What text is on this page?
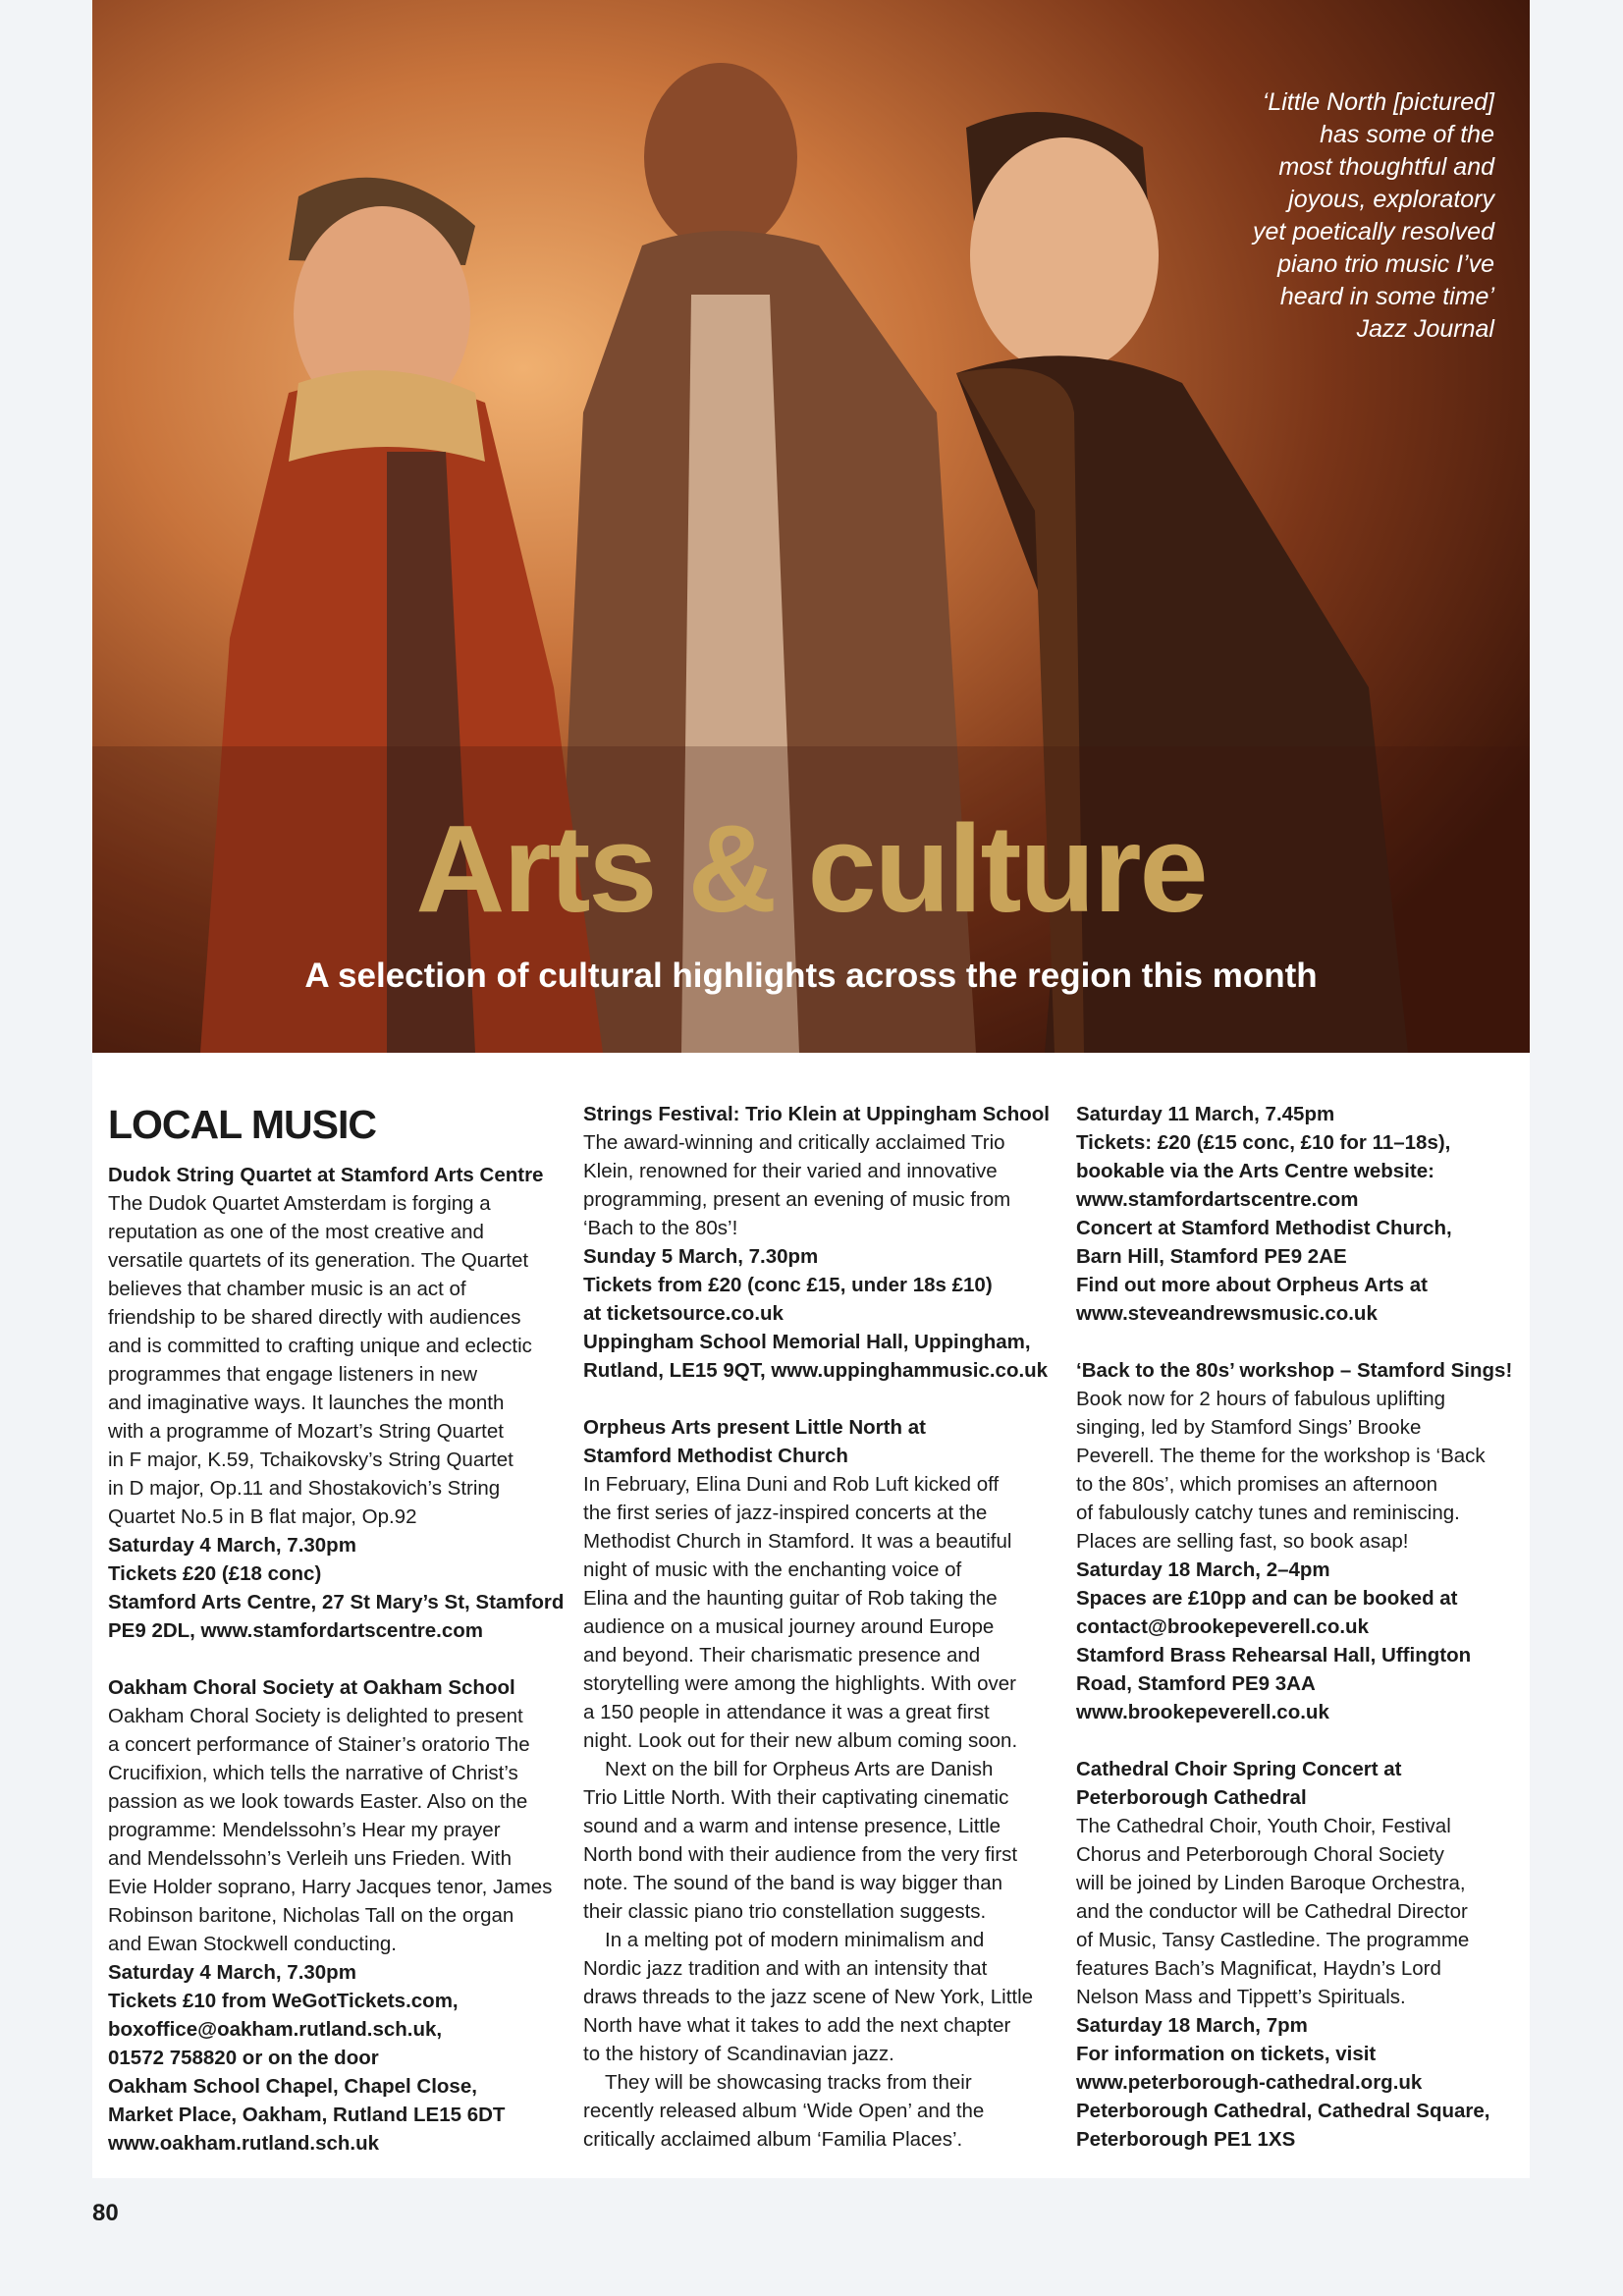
‘Little North [pictured]
has some of the
most thoughtful and
joyous, exploratory
yet poetically resolved
piano trio music I’ve
heard in some time’
Jazz Journal
Arts & culture
A selection of cultural highlights across the region this month
LOCAL MUSIC
Dudok String Quartet at Stamford Arts Centre
The Dudok Quartet Amsterdam is forging a
reputation as one of the most creative and
versatile quartets of its generation. The Quartet
believes that chamber music is an act of
friendship to be shared directly with audiences
and is committed to crafting unique and eclectic
programmes that engage listeners in new
and imaginative ways. It launches the month
with a programme of Mozart’s String Quartet
in F major, K.59, Tchaikovsky’s String Quartet
in D major, Op.11 and Shostakovich’s String
Quartet No.5 in B flat major, Op.92
Saturday 4 March, 7.30pm
Tickets £20 (£18 conc)
Stamford Arts Centre, 27 St Mary’s St, Stamford
PE9 2DL, www.stamfordartscentre.com
Oakham Choral Society at Oakham School
Oakham Choral Society is delighted to present
a concert performance of Stainer’s oratorio The
Crucifixion, which tells the narrative of Christ’s
passion as we look towards Easter. Also on the
programme: Mendelssohn’s Hear my prayer
and Mendelssohn’s Verleih uns Frieden. With
Evie Holder soprano, Harry Jacques tenor, James
Robinson baritone, Nicholas Tall on the organ
and Ewan Stockwell conducting.
Saturday 4 March, 7.30pm
Tickets £10 from WeGotTickets.com,
boxoffice@oakham.rutland.sch.uk,
01572 758820 or on the door
Oakham School Chapel, Chapel Close,
Market Place, Oakham, Rutland LE15 6DT
www.oakham.rutland.sch.uk
Strings Festival: Trio Klein at Uppingham School
The award-winning and critically acclaimed Trio
Klein, renowned for their varied and innovative
programming, present an evening of music from
‘Bach to the 80s’!
Sunday 5 March, 7.30pm
Tickets from £20 (conc £15, under 18s £10)
at ticketsource.co.uk
Uppingham School Memorial Hall, Uppingham,
Rutland, LE15 9QT, www.uppinghammusic.co.uk
Orpheus Arts present Little North at
Stamford Methodist Church
In February, Elina Duni and Rob Luft kicked off
the first series of jazz-inspired concerts at the
Methodist Church in Stamford. It was a beautiful
night of music with the enchanting voice of
Elina and the haunting guitar of Rob taking the
audience on a musical journey around Europe
and beyond. Their charismatic presence and
storytelling were among the highlights. With over
a 150 people in attendance it was a great first
night. Look out for their new album coming soon.
Next on the bill for Orpheus Arts are Danish
Trio Little North. With their captivating cinematic
sound and a warm and intense presence, Little
North bond with their audience from the very first
note. The sound of the band is way bigger than
their classic piano trio constellation suggests.
In a melting pot of modern minimalism and
Nordic jazz tradition and with an intensity that
draws threads to the jazz scene of New York, Little
North have what it takes to add the next chapter
to the history of Scandinavian jazz.
They will be showcasing tracks from their
recently released album ‘Wide Open’ and the
critically acclaimed album ‘Familia Places’.
Saturday 11 March, 7.45pm
Tickets: £20 (£15 conc, £10 for 11–18s),
bookable via the Arts Centre website:
www.stamfordartscentre.com
Concert at Stamford Methodist Church,
Barn Hill, Stamford PE9 2AE
Find out more about Orpheus Arts at
www.steveandrewsmusic.co.uk
‘Back to the 80s’ workshop – Stamford Sings!
Book now for 2 hours of fabulous uplifting
singing, led by Stamford Sings’ Brooke
Peverell. The theme for the workshop is ‘Back
to the 80s’, which promises an afternoon
of fabulously catchy tunes and reminiscing.
Places are selling fast, so book asap!
Saturday 18 March, 2–4pm
Spaces are £10pp and can be booked at
contact@brookepeverell.co.uk
Stamford Brass Rehearsal Hall, Uffington
Road, Stamford PE9 3AA
www.brookepeverell.co.uk
Cathedral Choir Spring Concert at
Peterborough Cathedral
The Cathedral Choir, Youth Choir, Festival
Chorus and Peterborough Choral Society
will be joined by Linden Baroque Orchestra,
and the conductor will be Cathedral Director
of Music, Tansy Castledine. The programme
features Bach’s Magnificat, Haydn’s Lord
Nelson Mass and Tippett’s Spirituals.
Saturday 18 March, 7pm
For information on tickets, visit
www.peterborough-cathedral.org.uk
Peterborough Cathedral, Cathedral Square,
Peterborough PE1 1XS
80
